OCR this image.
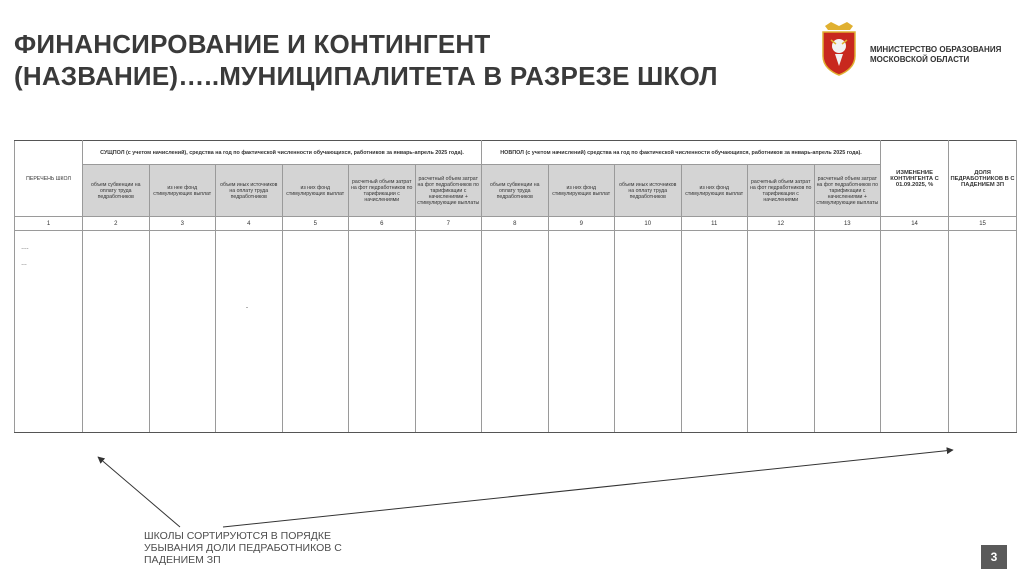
ФИНАНСИРОВАНИЕ И КОНТИНГЕНТ
(НАЗВАНИЕ)…..МУНИЦИПАЛИТЕТА В РАЗРЕЗЕ ШКОЛ
МИНИСТЕРСТВО ОБРАЗОВАНИЯ
МОСКОВСКОЙ ОБЛАСТИ
ПЕРЕЧЕНЬ ШКОЛ	СУЩПОЛ (с учетом начислений), средства на год по фактической численности обучающихся, работников за январь-апрель 2025 года).						НОВПОЛ (с учетом начислений) средства на год по фактической численности обучающихся, работников за январь-апрель 2025 года).						ИЗМЕНЕНИЕ КОНТИНГЕНТА С 01.09.2025, %	ДОЛЯ ПЕДРАБОТНИКОВ В С ПАДЕНИЕМ ЗП
	объем субвенции на оплату труда педработников	из нее фонд стимулирующих выплат	объем иных источников на оплату труда педработников	из них фонд стимулирующих выплат	расчетный объем затрат на фот педработников по тарификации с начислениями	расчетный объем затрат на фот педработников по тарификации с начислениями + стимулирующие выплаты	объем субвенции на оплату труда педработников	из них фонд стимулирующих выплат	объем иных источников на оплату труда педработников	из них фонд стимулирующих выплат	расчетный объем затрат на фот педработников по тарификации с начислениями	расчетный объем затрат на фот педработников по тарификации с начислениями + стимулирующие выплаты		
1	2	3	4	5	6	7	8	9	10	11	12	13	14	15

….
…			-											

ШКОЛЫ СОРТИРУЮТСЯ В ПОРЯДКЕ
УБЫВАНИЯ ДОЛИ ПЕДРАБОТНИКОВ С
ПАДЕНИЕМ ЗП	3
